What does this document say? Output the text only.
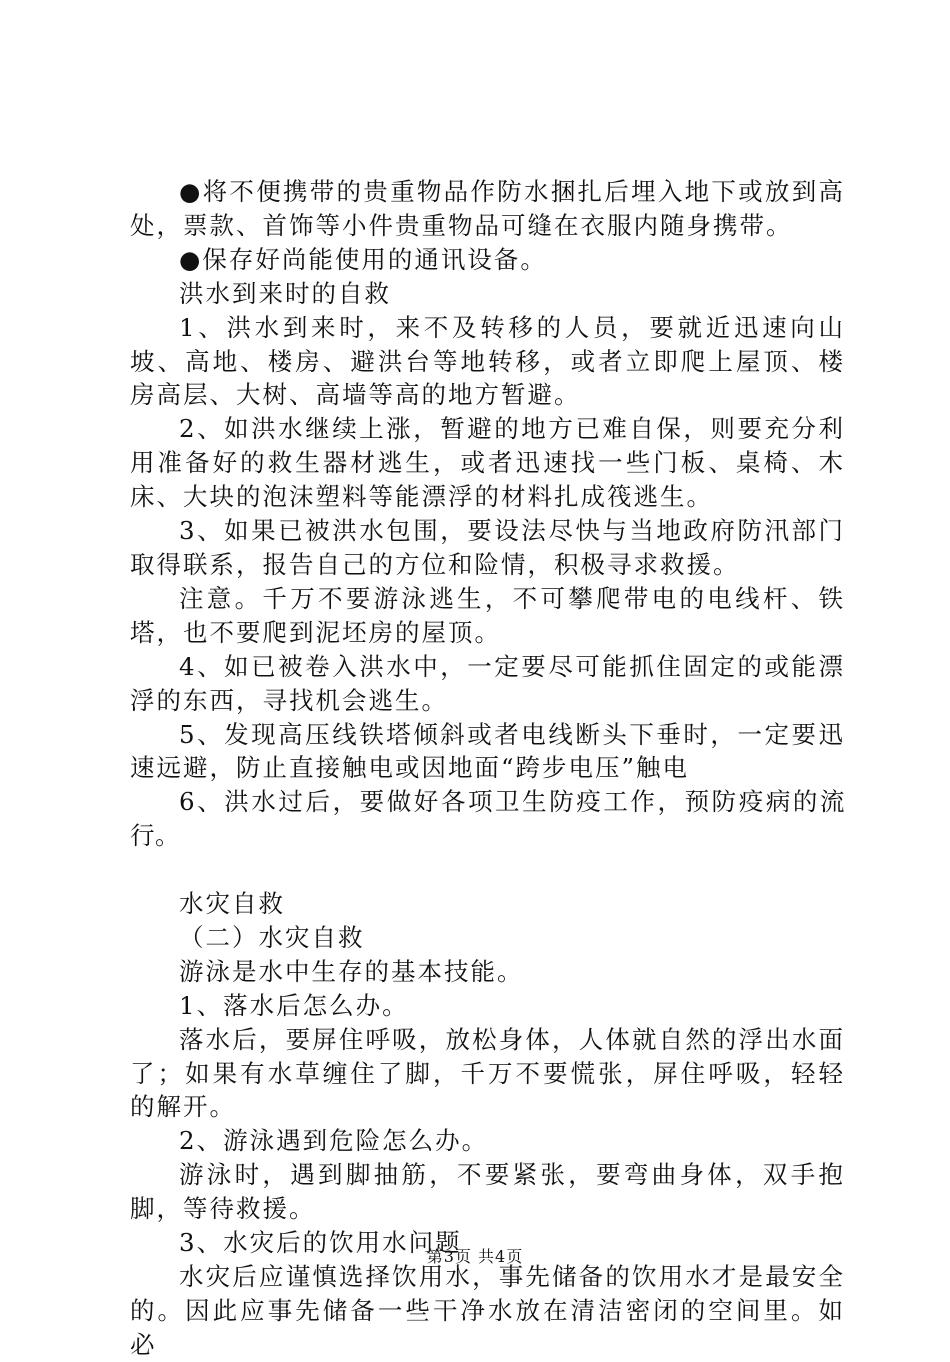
●将不便携带的贵重物品作防水捆扎后埋入地下或放到高处，票款、首饰等小件贵重物品可缝在衣服内随身携带。

●保存好尚能使用的通讯设备。

洪水到来时的自救

1、洪水到来时，来不及转移的人员，要就近迅速向山坡、高地、楼房、避洪台等地转移，或者立即爬上屋顶、楼房高层、大树、高墙等高的地方暂避。

2、如洪水继续上涨，暂避的地方已难自保，则要充分利用准备好的救生器材逃生，或者迅速找一些门板、桌椅、木床、大块的泡沫塑料等能漂浮的材料扎成筏逃生。

3、如果已被洪水包围，要设法尽快与当地政府防汛部门取得联系，报告自己的方位和险情，积极寻求救援。

注意。千万不要游泳逃生，不可攀爬带电的电线杆、铁塔，也不要爬到泥坯房的屋顶。

4、如已被卷入洪水中，一定要尽可能抓住固定的或能漂浮的东西，寻找机会逃生。

5、发现高压线铁塔倾斜或者电线断头下垂时，一定要迅速远避，防止直接触电或因地面“跨步电压”触电

6、洪水过后，要做好各项卫生防疫工作，预防疫病的流行。

水灾自救

（二）水灾自救

游泳是水中生存的基本技能。

1、落水后怎么办。

落水后，要屏住呼吸，放松身体，人体就自然的浮出水面了；如果有水草缠住了脚，千万不要慌张，屏住呼吸，轻轻的解开。

2、游泳遇到危险怎么办。

游泳时，遇到脚抽筋，不要紧张，要弯曲身体，双手抱脚，等待救援。

3、水灾后的饮用水问题

水灾后应谨慎选择饮用水，事先储备的饮用水才是最安全的。因此应事先储备一些干净水放在清洁密闭的空间里。如必

第3页 共4页
